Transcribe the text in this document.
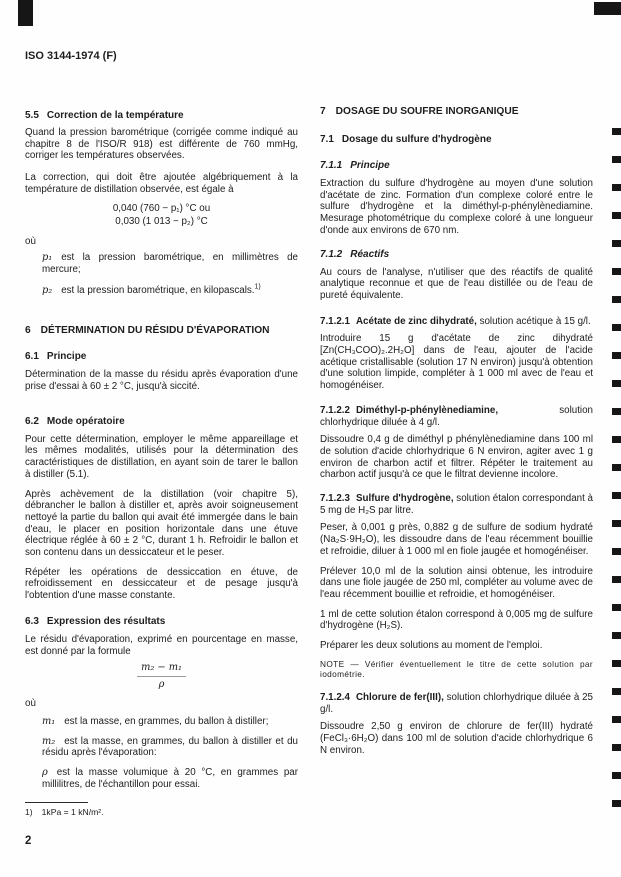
ISO 3144-1974 (F)

5.5 Correction de la température

Quand la pression barométrique (corrigée comme indiqué au chapitre 8 de l'ISO/R 918) est différente de 760 mmHg, corriger les températures observées.

La correction, qui doit être ajoutée algébriquement à la température de distillation observée, est égale à

0,040 (760 − p₁) °C ou

0,030 (1 013 − p₂) °C

où

p₁ est la pression barométrique, en millimètres de mercure;

p₂ est la pression barométrique, en kilopascals.$^{1)}$

6 DÉTERMINATION DU RÉSIDU D'ÉVAPORATION

6.1 Principe

Détermination de la masse du résidu après évaporation d'une prise d'essai à 60 ± 2 °C, jusqu'à siccité.

6.2 Mode opératoire

Pour cette détermination, employer le même appareillage et les mêmes modalités, utilisés pour la détermination des caractéristiques de distillation, en ayant soin de tarer le ballon à distiller (5.1).

Après achèvement de la distillation (voir chapitre 5), débrancher le ballon à distiller et, après avoir soigneusement nettoyé la partie du ballon qui avait été immergée dans le bain d'eau, le placer en position horizontale dans une étuve électrique réglée à 60 ± 2 °C, durant 1 h. Refroidir le ballon et son contenu dans un dessiccateur et le peser.

Répéter les opérations de dessiccation en étuve, de refroidissement en dessiccateur et de pesage jusqu'à l'obtention d'une masse constante.

6.3 Expression des résultats

Le résidu d'évaporation, exprimé en pourcentage en masse, est donné par la formule

$\frac{\text{m₂ − m₁}}{\rho}$

où

m₁ est la masse, en grammes, du ballon à distiller;

m₂ est la masse, en grammes, du ballon à distiller et du résidu après l'évaporation:

ρ est la masse volumique à 20 °C, en grammes par millilitres, de l'échantillon pour essai.

7 DOSAGE DU SOUFRE INORGANIQUE

7.1 Dosage du sulfure d'hydrogène

7.1.1 Principe

Extraction du sulfure d'hydrogène au moyen d'une solution d'acétate de zinc. Formation d'un complexe coloré entre le sulfure d'hydrogène et la diméthyl-p-phénylènediamine. Mesurage photométrique du complexe coloré à une longueur d'onde aux environs de 670 nm.

7.1.2 Réactifs

Au cours de l'analyse, n'utiliser que des réactifs de qualité analytique reconnue et que de l'eau distillée ou de l'eau de pureté équivalente.

7.1.2.1 Acétate de zinc dihydraté, solution acétique à 15 g/l.

Introduire 15 g d'acétate de zinc dihydraté [Zn(CH₃COO)₂.2H₂O] dans de l'eau, ajouter de l'acide acétique cristallisable (solution 17 N environ) jusqu'à obtention d'une solution limpide, compléter à 1 000 ml avec de l'eau et homogénéiser.

7.1.2.2 Diméthyl-p-phénylènediamine,	solution chlorhydrique diluée à 4 g/l.

Dissoudre 0,4 g de diméthyl p phénylènediamine dans 100 ml de solution d'acide chlorhydrique 6 N environ, agiter avec 1 g environ de charbon actif et filtrer. Répéter le traitement au charbon actif jusqu'à ce que le filtrat devienne incolore.

7.1.2.3 Sulfure d'hydrogène, solution étalon correspondant à 5 mg de H₂S par litre.

Peser, à 0,001 g près, 0,882 g de sulfure de sodium hydraté (Na₂S·9H₂O), les dissoudre dans de l'eau récemment bouillie et refroidie, diluer à 1 000 ml en fiole jaugée et homogénéiser.

Prélever 10,0 ml de la solution ainsi obtenue, les introduire dans une fiole jaugée de 250 ml, compléter au volume avec de l'eau récemment bouillie et refroidie, et homogénéiser.

1 ml de cette solution étalon correspond à 0,005 mg de sulfure d'hydrogène (H₂S).

Préparer les deux solutions au moment de l'emploi.

NOTE — Vérifier éventuellement le titre de cette solution par iodométrie.

7.1.2.4 Chlorure de fer(III), solution chlorhydrique diluée à 25 g/l.

Dissoudre 2,50 g environ de chlorure de fer(III) hydraté (FeCl₃·6H₂O) dans 100 ml de solution d'acide chlorhydrique 6 N environ.

1) 1kPa = 1 kN/m².
2
